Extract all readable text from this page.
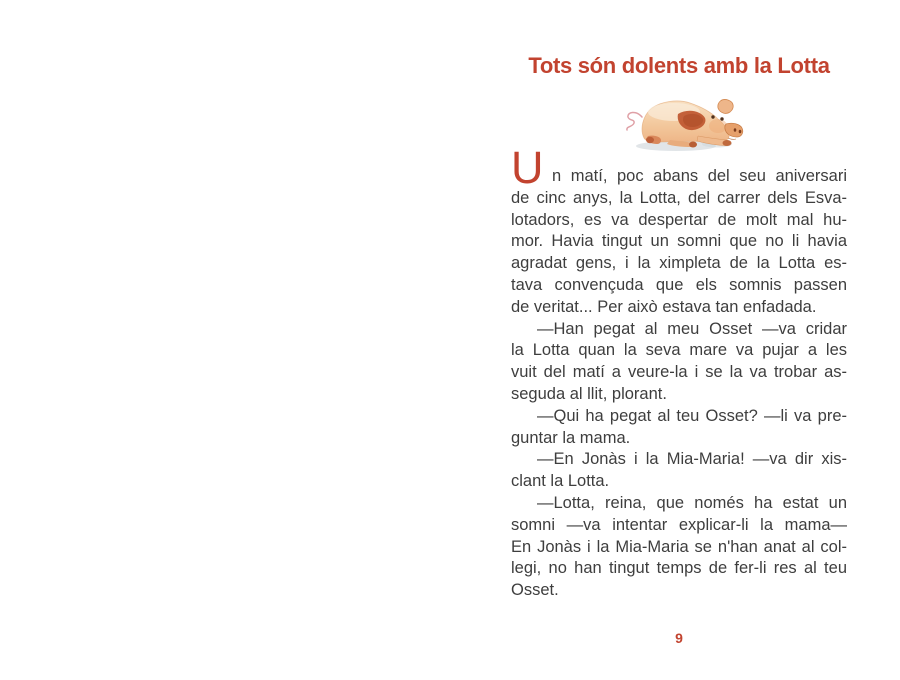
Tots són dolents amb la Lotta
U n matí, poc abans del seu aniversari
de cinc anys, la Lotta, del carrer dels Esva-
lotadors, es va despertar de molt mal hu-
mor. Havia tingut un somni que no li havia
agradat gens, i la ximpleta de la Lotta es-
tava convençuda que els somnis passen
de veritat... Per això estava tan enfadada.
—Han pegat al meu Osset —va cridar
la Lotta quan la seva mare va pujar a les
vuit del matí a veure-la i se la va trobar as-
seguda al llit, plorant.
—Qui ha pegat al teu Osset? —li va pre-
guntar la mama.
—En Jonàs i la Mia-Maria! —va dir xis-
clant la Lotta.
—Lotta, reina, que només ha estat un
somni —va intentar explicar-li la mama—
En Jonàs i la Mia-Maria se n'han anat al col-
legi, no han tingut temps de fer-li res al teu
Osset.
9
